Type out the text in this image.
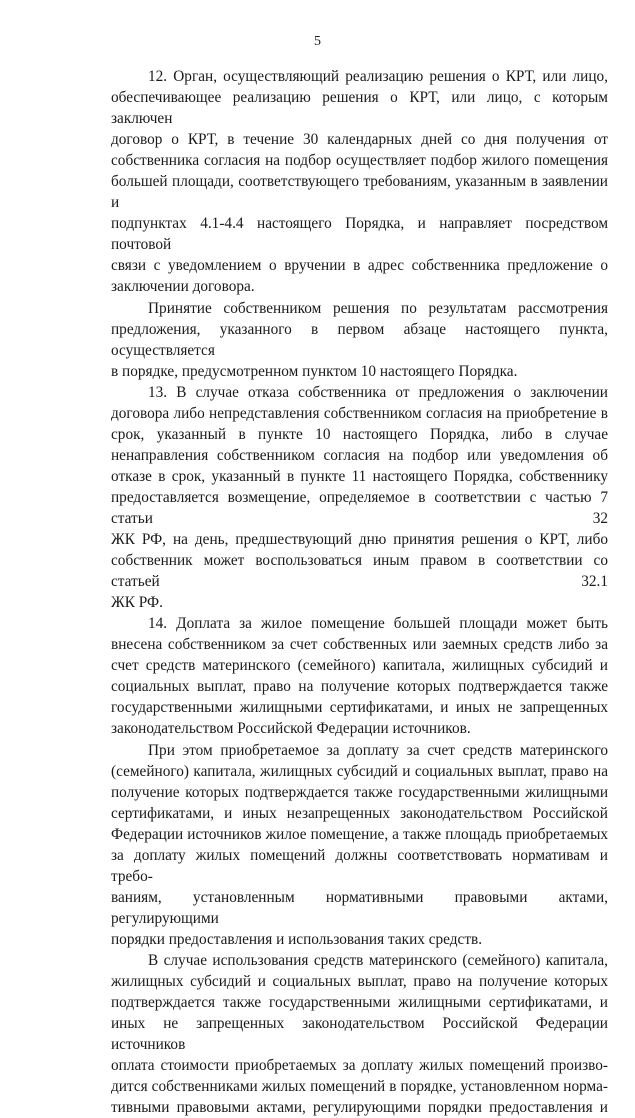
5
12. Орган, осуществляющий реализацию решения о КРТ, или лицо,
обеспечивающее реализацию решения о КРТ, или лицо, с которым заключен
договор о КРТ, в течение 30 календарных дней со дня получения от
собственника согласия на подбор осуществляет подбор жилого помещения
большей площади, соответствующего требованиям, указанным в заявлении и
подпунктах 4.1-4.4 настоящего Порядка, и направляет посредством почтовой
связи с уведомлением о вручении в адрес собственника предложение о
заключении договора.
Принятие собственником решения по результатам рассмотрения
предложения, указанного в первом абзаце настоящего пункта, осуществляется
в порядке, предусмотренном пунктом 10 настоящего Порядка.
13. В случае отказа собственника от предложения о заключении
договора либо непредставления собственником согласия на приобретение в
срок, указанный в пункте 10 настоящего Порядка, либо в случае
ненаправления собственником согласия на подбор или уведомления об
отказе в срок, указанный в пункте 11 настоящего Порядка, собственнику
предоставляется возмещение, определяемое в соответствии с частью 7 статьи 32
ЖК РФ, на день, предшествующий дню принятия решения о КРТ, либо
собственник может воспользоваться иным правом в соответствии со статьей 32.1
ЖК РФ.
14. Доплата за жилое помещение большей площади может быть
внесена собственником за счет собственных или заемных средств либо за
счет средств материнского (семейного) капитала, жилищных субсидий и
социальных выплат, право на получение которых подтверждается также
государственными жилищными сертификатами, и иных не запрещенных
законодательством Российской Федерации источников.
При этом приобретаемое за доплату за счет средств материнского
(семейного) капитала, жилищных субсидий и социальных выплат, право на
получение которых подтверждается также государственными жилищными
сертификатами, и иных незапрещенных законодательством Российской
Федерации источников жилое помещение, а также площадь приобретаемых
за доплату жилых помещений должны соответствовать нормативам и требо-
ваниям, установленным нормативными правовыми актами, регулирующими
порядки предоставления и использования таких средств.
В случае использования средств материнского (семейного) капитала,
жилищных субсидий и социальных выплат, право на получение которых
подтверждается также государственными жилищными сертификатами, и
иных не запрещенных законодательством Российской Федерации источников
оплата стоимости приобретаемых за доплату жилых помещений произво-
дится собственниками жилых помещений в порядке, установленном норма-
тивными правовыми актами, регулирующими порядки предоставления и
